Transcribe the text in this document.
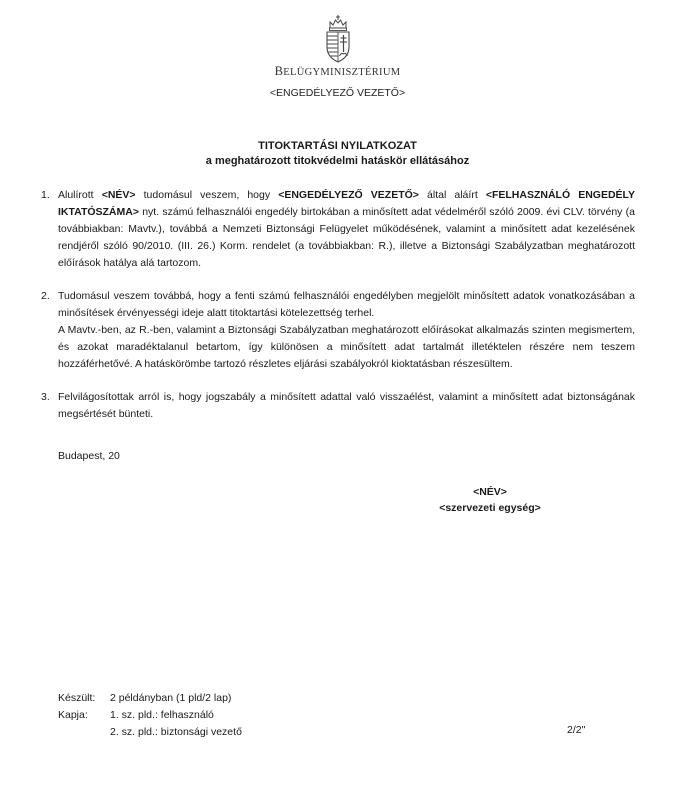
BELÜGYMINISZTÉRIUM
<ENGEDÉLYEZŐ VEZETŐ>
TITOKTARTÁSI NYILATKOZAT
a meghatározott titokvédelmi hatáskör ellátásához
1. Alulírott <NÉV> tudomásul veszem, hogy <ENGEDÉLYEZŐ VEZETŐ> által aláírt <FELHASZNÁLÓ ENGEDÉLY IKTATÓSZÁMA> nyt. számú felhasználói engedély birtokában a minősített adat védelméről szóló 2009. évi CLV. törvény (a továbbiakban: Mavtv.), továbbá a Nemzeti Biztonsági Felügyelet működésének, valamint a minősített adat kezelésének rendjéről szóló 90/2010. (III. 26.) Korm. rendelet (a továbbiakban: R.), illetve a Biztonsági Szabályzatban meghatározott előírások hatálya alá tartozom.

2. Tudomásul veszem továbbá, hogy a fenti számú felhasználói engedélyben megjelölt minősített adatok vonatkozásában a minősítések érvényességi ideje alatt titoktartási kötelezettség terhel.

A Mavtv.-ben, az R.-ben, valamint a Biztonsági Szabályzatban meghatározott előírásokat alkalmazás szinten megismertem, és azokat maradéktalanul betartom, így különösen a minősített adat tartalmát illetéktelen részére nem teszem hozzáférhetővé. A hatáskörömbe tartozó részletes eljárási szabályokról kioktatásban részesültem.

3. Felvilágosítottak arról is, hogy jogszabály a minősített adattal való visszaélést, valamint a minősített adat biztonságának megsértését bünteti.

Budapest, 20
<NÉV>
<szervezeti egység>
Készült:	2 példányban (1 pld/2 lap)
Kapja:	1. sz. pld.: felhasználó
2. sz. pld.: biztonsági vezető	2/2"
